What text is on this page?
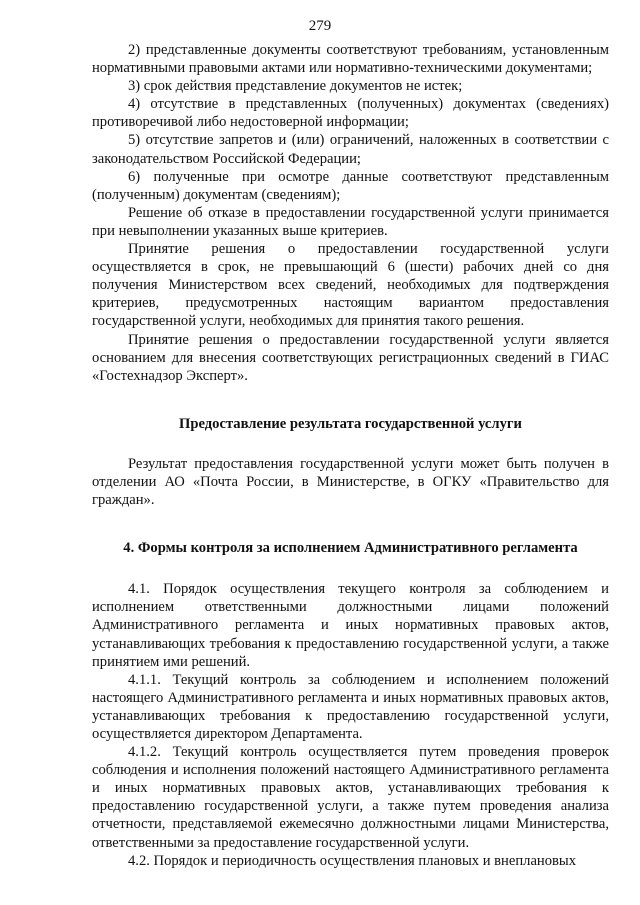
279

2) представленные документы соответствуют требованиям, установленным нормативными правовыми актами или нормативно-техническими документами;

3) срок действия представление документов не истек;

4) отсутствие в представленных (полученных) документах (сведениях) противоречивой либо недостоверной информации;

5) отсутствие запретов и (или) ограничений, наложенных в соответствии с законодательством Российской Федерации;

6) полученные при осмотре данные соответствуют представленным (полученным) документам (сведениям);

Решение об отказе в предоставлении государственной услуги принимается при невыполнении указанных выше критериев.

Принятие решения о предоставлении государственной услуги осуществляется в срок, не превышающий 6 (шести) рабочих дней со дня получения Министерством всех сведений, необходимых для подтверждения критериев, предусмотренных настоящим вариантом предоставления государственной услуги, необходимых для принятия такого решения.

Принятие решения о предоставлении государственной услуги является основанием для внесения соответствующих регистрационных сведений в ГИАС «Гостехнадзор Эксперт».

Предоставление результата государственной услуги

Результат предоставления государственной услуги может быть получен в отделении АО «Почта России, в Министерстве, в ОГКУ «Правительство для граждан».

4. Формы контроля за исполнением Административного регламента

4.1. Порядок осуществления текущего контроля за соблюдением и исполнением ответственными должностными лицами положений Административного регламента и иных нормативных правовых актов, устанавливающих требования к предоставлению государственной услуги, а также принятием ими решений.

4.1.1. Текущий контроль за соблюдением и исполнением положений настоящего Административного регламента и иных нормативных правовых актов, устанавливающих требования к предоставлению государственной услуги, осуществляется директором Департамента.

4.1.2. Текущий контроль осуществляется путем проведения проверок соблюдения и исполнения положений настоящего Административного регламента и иных нормативных правовых актов, устанавливающих требования к предоставлению государственной услуги, а также путем проведения анализа отчетности, представляемой ежемесячно должностными лицами Министерства, ответственными за предоставление государственной услуги.

4.2. Порядок и периодичность осуществления плановых и внеплановых
